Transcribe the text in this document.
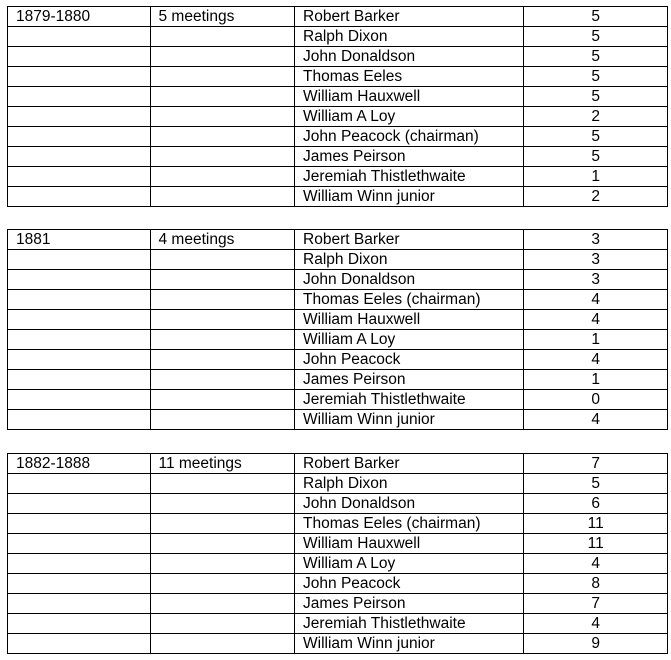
1879-1880	5 meetings	Robert Barker	5
		Ralph Dixon	5
		John Donaldson	5
		Thomas Eeles	5
		William Hauxwell	5
		William A Loy	2
		John Peacock (chairman)	5
		James Peirson	5
		Jeremiah Thistlethwaite	1
		William Winn junior	2
1881	4 meetings	Robert Barker	3
		Ralph Dixon	3
		John Donaldson	3
		Thomas Eeles (chairman)	4
		William Hauxwell	4
		William A Loy	1
		John Peacock	4
		James Peirson	1
		Jeremiah Thistlethwaite	0
		William Winn junior	4
1882-1888	11 meetings	Robert Barker	7
		Ralph Dixon	5
		John Donaldson	6
		Thomas Eeles (chairman)	11
		William Hauxwell	11
		William A Loy	4
		John Peacock	8
		James Peirson	7
		Jeremiah Thistlethwaite	4
		William Winn junior	9
